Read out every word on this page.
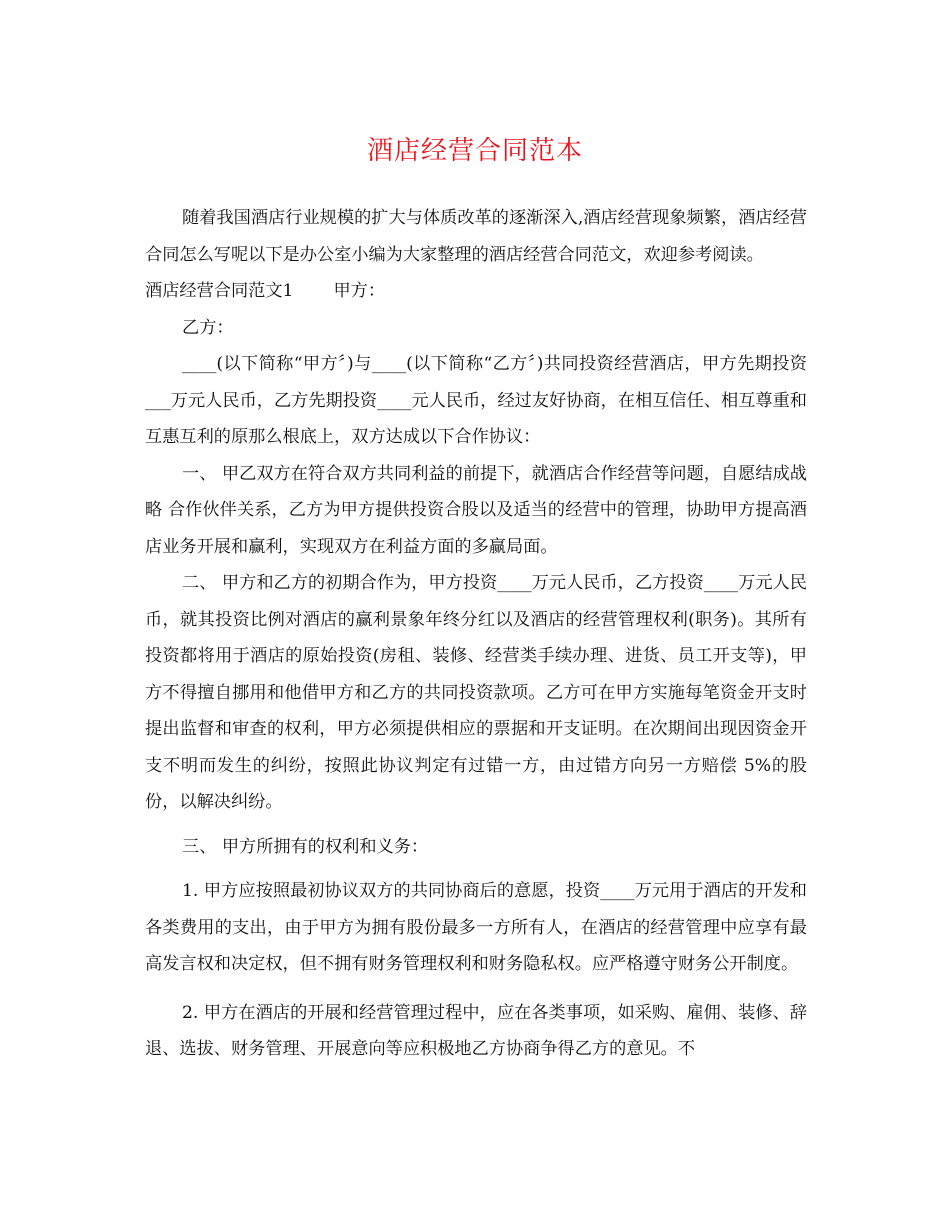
酒店经营合同范本

随着我国酒店行业规模的扩大与体质改革的逐渐深入,酒店经营现象频繁，酒店经营合同怎么写呢以下是办公室小编为大家整理的酒店经营合同范文，欢迎参考阅读。

酒店经营合同范文1 甲方：

乙方：

____(以下简称“甲方〞)与____(以下简称“乙方〞)共同投资经营酒店，甲方先期投资___万元人民币，乙方先期投资____元人民币，经过友好协商，在相互信任、相互尊重和互惠互利的原那么根底上，双方达成以下合作协议：

一、 甲乙双方在符合双方共同利益的前提下，就酒店合作经营等问题，自愿结成战略 合作伙伴关系，乙方为甲方提供投资合股以及适当的经营中的管理，协助甲方提高酒店业务开展和赢利，实现双方在利益方面的多赢局面。

二、 甲方和乙方的初期合作为，甲方投资____万元人民币，乙方投资____万元人民币，就其投资比例对酒店的赢利景象年终分红以及酒店的经营管理权利(职务)。其所有投资都将用于酒店的原始投资(房租、装修、经营类手续办理、进货、员工开支等)，甲方不得擅自挪用和他借甲方和乙方的共同投资款项。乙方可在甲方实施每笔资金开支时提出监督和审查的权利，甲方必须提供相应的票据和开支证明。在次期间出现因资金开支不明而发生的纠纷，按照此协议判定有过错一方，由过错方向另一方赔偿 5%的股份，以解决纠纷。

三、 甲方所拥有的权利和义务：

1. 甲方应按照最初协议双方的共同协商后的意愿，投资____万元用于酒店的开发和各类费用的支出，由于甲方为拥有股份最多一方所有人，在酒店的经营管理中应享有最高发言权和决定权，但不拥有财务管理权利和财务隐私权。应严格遵守财务公开制度。

2. 甲方在酒店的开展和经营管理过程中，应在各类事项，如采购、雇佣、装修、辞退、选拔、财务管理、开展意向等应积极地乙方协商争得乙方的意见。不
